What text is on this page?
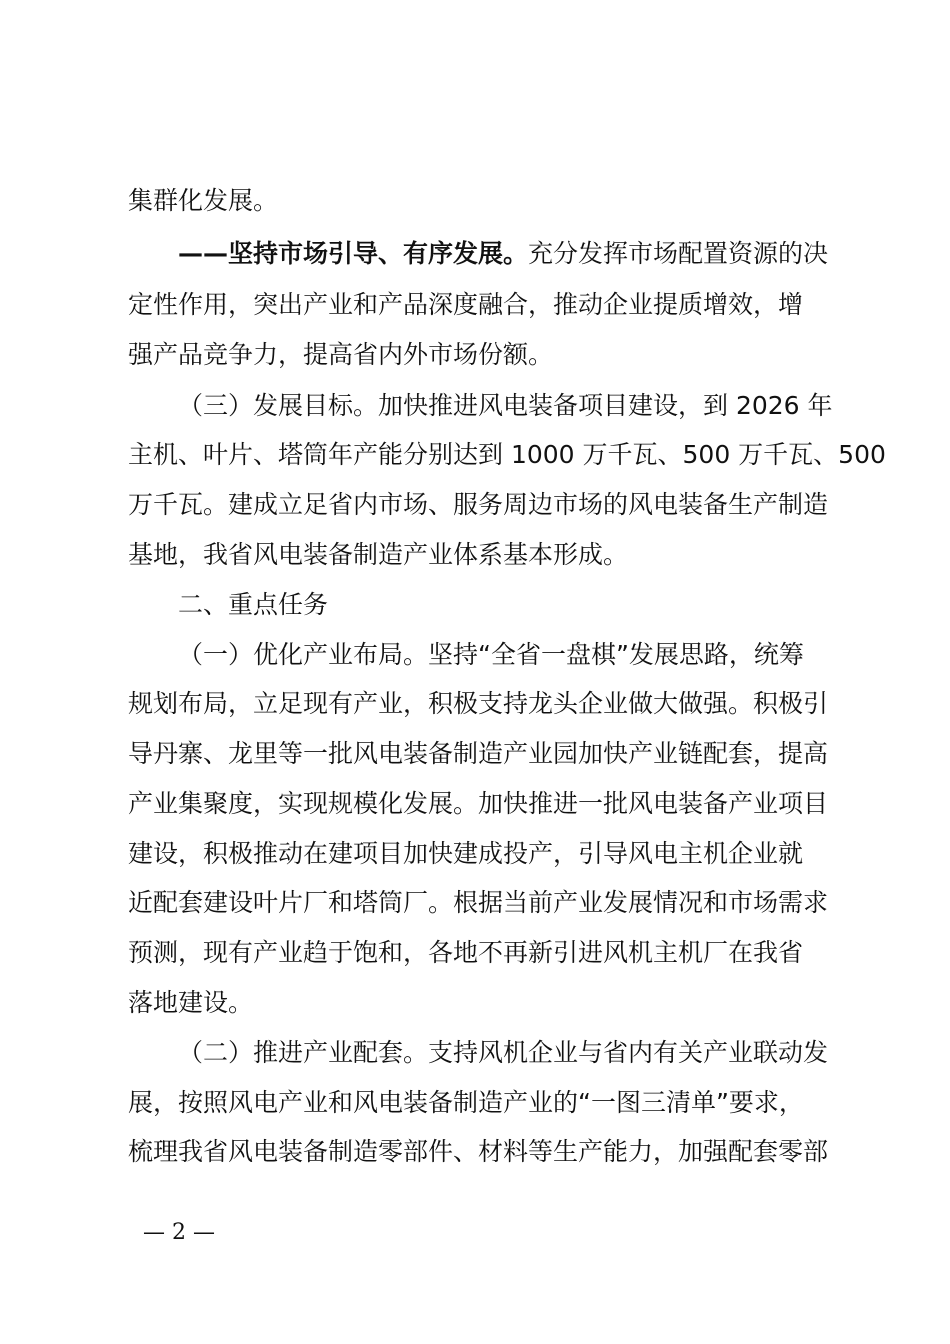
集群化发展。

——坚持市场引导、有序发展。充分发挥市场配置资源的决

定性作用，突出产业和产品深度融合，推动企业提质增效，增

强产品竞争力，提高省内外市场份额。

（三）发展目标。加快推进风电装备项目建设，到 2026 年

主机、叶片、塔筒年产能分别达到 1000 万千瓦、500 万千瓦、500

万千瓦。建成立足省内市场、服务周边市场的风电装备生产制造

基地，我省风电装备制造产业体系基本形成。

二、重点任务

（一）优化产业布局。坚持“全省一盘棋”发展思路，统筹

规划布局，立足现有产业，积极支持龙头企业做大做强。积极引

导丹寨、龙里等一批风电装备制造产业园加快产业链配套，提高

产业集聚度，实现规模化发展。加快推进一批风电装备产业项目

建设，积极推动在建项目加快建成投产，引导风电主机企业就

近配套建设叶片厂和塔筒厂。根据当前产业发展情况和市场需求

预测，现有产业趋于饱和，各地不再新引进风机主机厂在我省

落地建设。

（二）推进产业配套。支持风机企业与省内有关产业联动发

展，按照风电产业和风电装备制造产业的“一图三清单”要求，

梳理我省风电装备制造零部件、材料等生产能力，加强配套零部

— 2 —
